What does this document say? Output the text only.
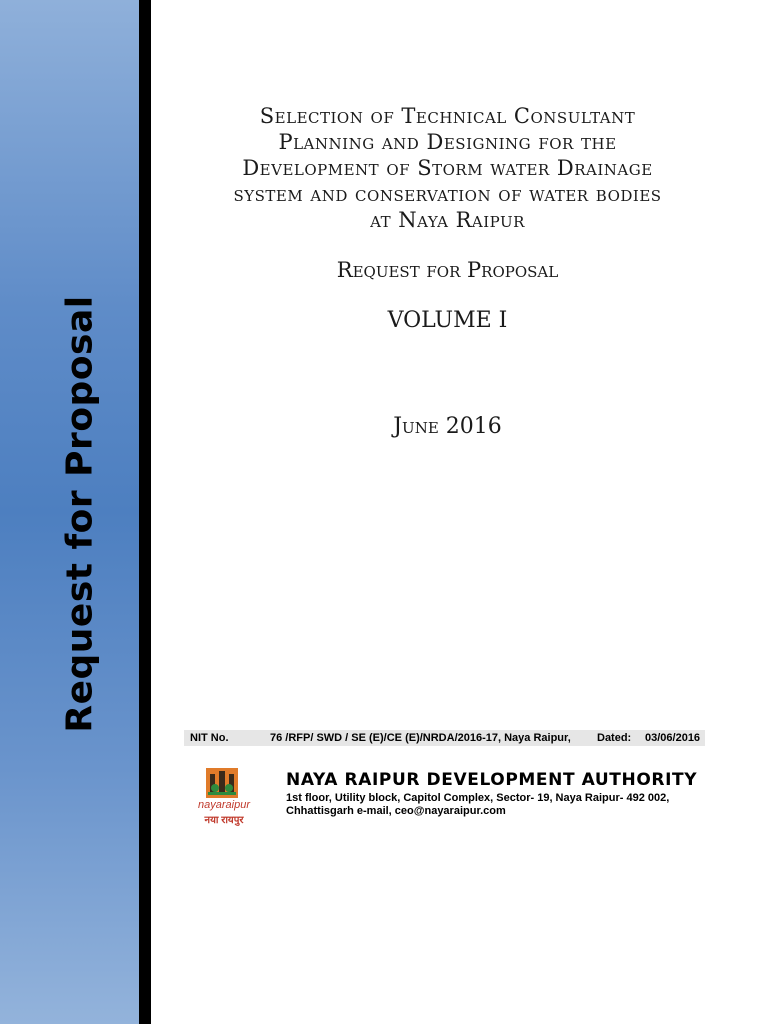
Request for Proposal
Selection of Technical Consultant
Planning and Designing for the
Development of Storm water Drainage
system and conservation of water bodies
at Naya Raipur
Request for Proposal
VOLUME I
June 2016
NIT No.	76 /RFP/ SWD / SE (E)/CE (E)/NRDA/2016-17, Naya Raipur, Dated: 03/06/2016
nayaraipur
नया रायपुर
NAYA RAIPUR DEVELOPMENT AUTHORITY
1st floor, Utility block, Capitol Complex, Sector- 19, Naya Raipur- 492 002,
Chhattisgarh e-mail, ceo@nayaraipur.com
